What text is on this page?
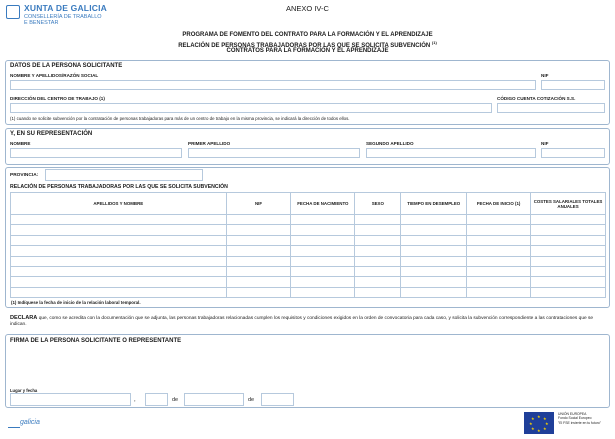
XUNTA DE GALICIA
CONSELLERÍA DE TRABALLO
E BENESTAR
ANEXO IV-C
PROGRAMA DE FOMENTO DEL CONTRATO PARA LA FORMACIÓN Y EL APRENDIZAJE
RELACIÓN DE PERSONAS TRABAJADORAS POR LAS QUE SE SOLICITA SUBVENCIÓN $^{(1)}$
CONTRATOS PARA LA FORMACIÓN Y EL APRENDIZAJE
DATOS DE LA PERSONA SOLICITANTE
NOMBRE Y APELLIDOS/RAZÓN SOCIAL	NIF
DIRECCIÓN DEL CENTRO DE TRABAJO (1)	CÓDIGO CUENTA COTIZACIÓN S.S.
(1) cuando se solicite subvención por la contratación de personas trabajadoras para más de un centro de trabajo en la misma provincia, se indicará la dirección de todos ellos.
Y, EN SU REPRESENTACIÓN
NOMBRE	PRIMER APELLIDO	SEGUNDO APELLIDO	NIF
PROVINCIA:
RELACIÓN DE PERSONAS TRABAJADORAS POR LAS QUE SE SOLICITA SUBVENCIÓN
APELLIDOS Y NOMBRE	NIF	FECHA DE NACIMIENTO	SEXO	TIEMPO EN DESEMPLEO	FECHA DE INICIO (1)	COSTES SALARIALES TOTALES ANUALES

(1) Indíquese la fecha de inicio de la relación laboral temporal.
DECLARA que, como se acredita con la documentación que se adjunta, las personas trabajadoras relacionadas cumplen los requisitos y condiciones exigidos en la orden de convocatoria para cada caso, y solicita la subvención correspondiente a las contrataciones que se indican.
FIRMA DE LA PERSONA SOLICITANTE O REPRESENTANTE
Lugar y fecha
,	de	de
galicia
★ ★
★
★
★
★
★
★
UNIÓN EUROPEA
Fondo Social Europeo
"El FSE invierte en tu futuro"
